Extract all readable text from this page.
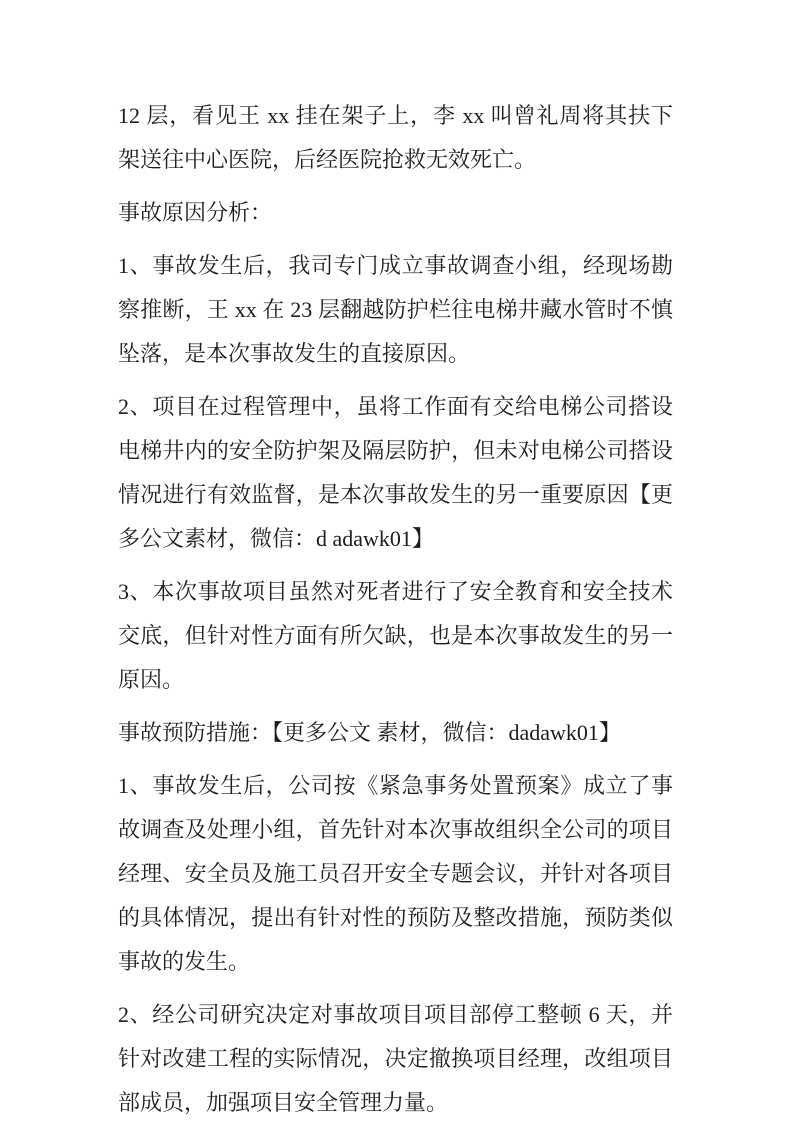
12 层，看见王 xx 挂在架子上，李 xx 叫曾礼周将其扶下架送往中心医院，后经医院抢救无效死亡。

事故原因分析：

1、事故发生后，我司专门成立事故调查小组，经现场勘察推断，王 xx 在 23 层翻越防护栏往电梯井藏水管时不慎坠落，是本次事故发生的直接原因。

2、项目在过程管理中，虽将工作面有交给电梯公司搭设电梯井内的安全防护架及隔层防护，但未对电梯公司搭设情况进行有效监督，是本次事故发生的另一重要原因【更多公文素材，微信：d adawk01】

3、本次事故项目虽然对死者进行了安全教育和安全技术交底，但针对性方面有所欠缺，也是本次事故发生的另一原因。

事故预防措施：【更多公文 素材，微信：dadawk01】

1、事故发生后，公司按《紧急事务处置预案》成立了事故调查及处理小组，首先针对本次事故组织全公司的项目经理、安全员及施工员召开安全专题会议，并针对各项目的具体情况，提出有针对性的预防及整改措施，预防类似事故的发生。

2、经公司研究决定对事故项目项目部停工整顿 6 天，并针对改建工程的实际情况，决定撤换项目经理，改组项目部成员，加强项目安全管理力量。
